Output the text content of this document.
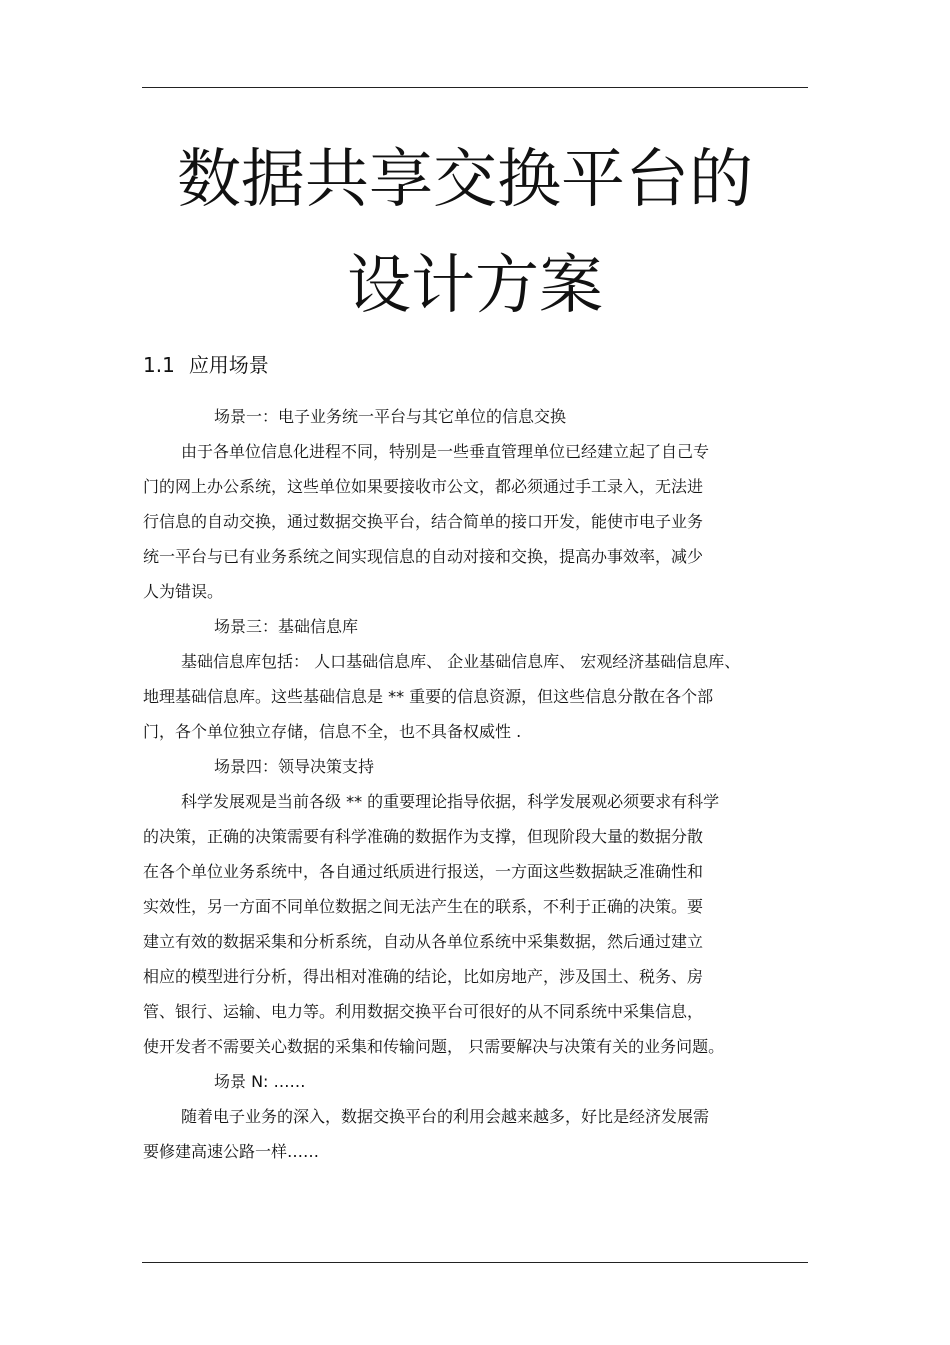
数据共享交换平台的
设计方案
1.1 应用场景

场景一：电子业务统一平台与其它单位的信息交换

由于各单位信息化进程不同，特别是一些垂直管理单位已经建立起了自己专

门的网上办公系统，这些单位如果要接收市公文，都必须通过手工录入，无法进

行信息的自动交换，通过数据交换平台，结合简单的接口开发，能使市电子业务

统一平台与已有业务系统之间实现信息的自动对接和交换，提高办事效率，减少

人为错误。

场景三：基础信息库

基础信息库包括： 人口基础信息库、 企业基础信息库、 宏观经济基础信息库、

地理基础信息库。这些基础信息是 ** 重要的信息资源，但这些信息分散在各个部

门，各个单位独立存储，信息不全，也不具备权威性 .

场景四：领导决策支持

科学发展观是当前各级 ** 的重要理论指导依据，科学发展观必须要求有科学

的决策，正确的决策需要有科学准确的数据作为支撑，但现阶段大量的数据分散

在各个单位业务系统中，各自通过纸质进行报送，一方面这些数据缺乏准确性和

实效性，另一方面不同单位数据之间无法产生在的联系，不利于正确的决策。要

建立有效的数据采集和分析系统，自动从各单位系统中采集数据，然后通过建立

相应的模型进行分析，得出相对准确的结论，比如房地产，涉及国土、税务、房

管、银行、运输、电力等。利用数据交换平台可很好的从不同系统中采集信息，

使开发者不需要关心数据的采集和传输问题， 只需要解决与决策有关的业务问题。

场景 N: ……

随着电子业务的深入，数据交换平台的利用会越来越多，好比是经济发展需

要修建高速公路一样……
